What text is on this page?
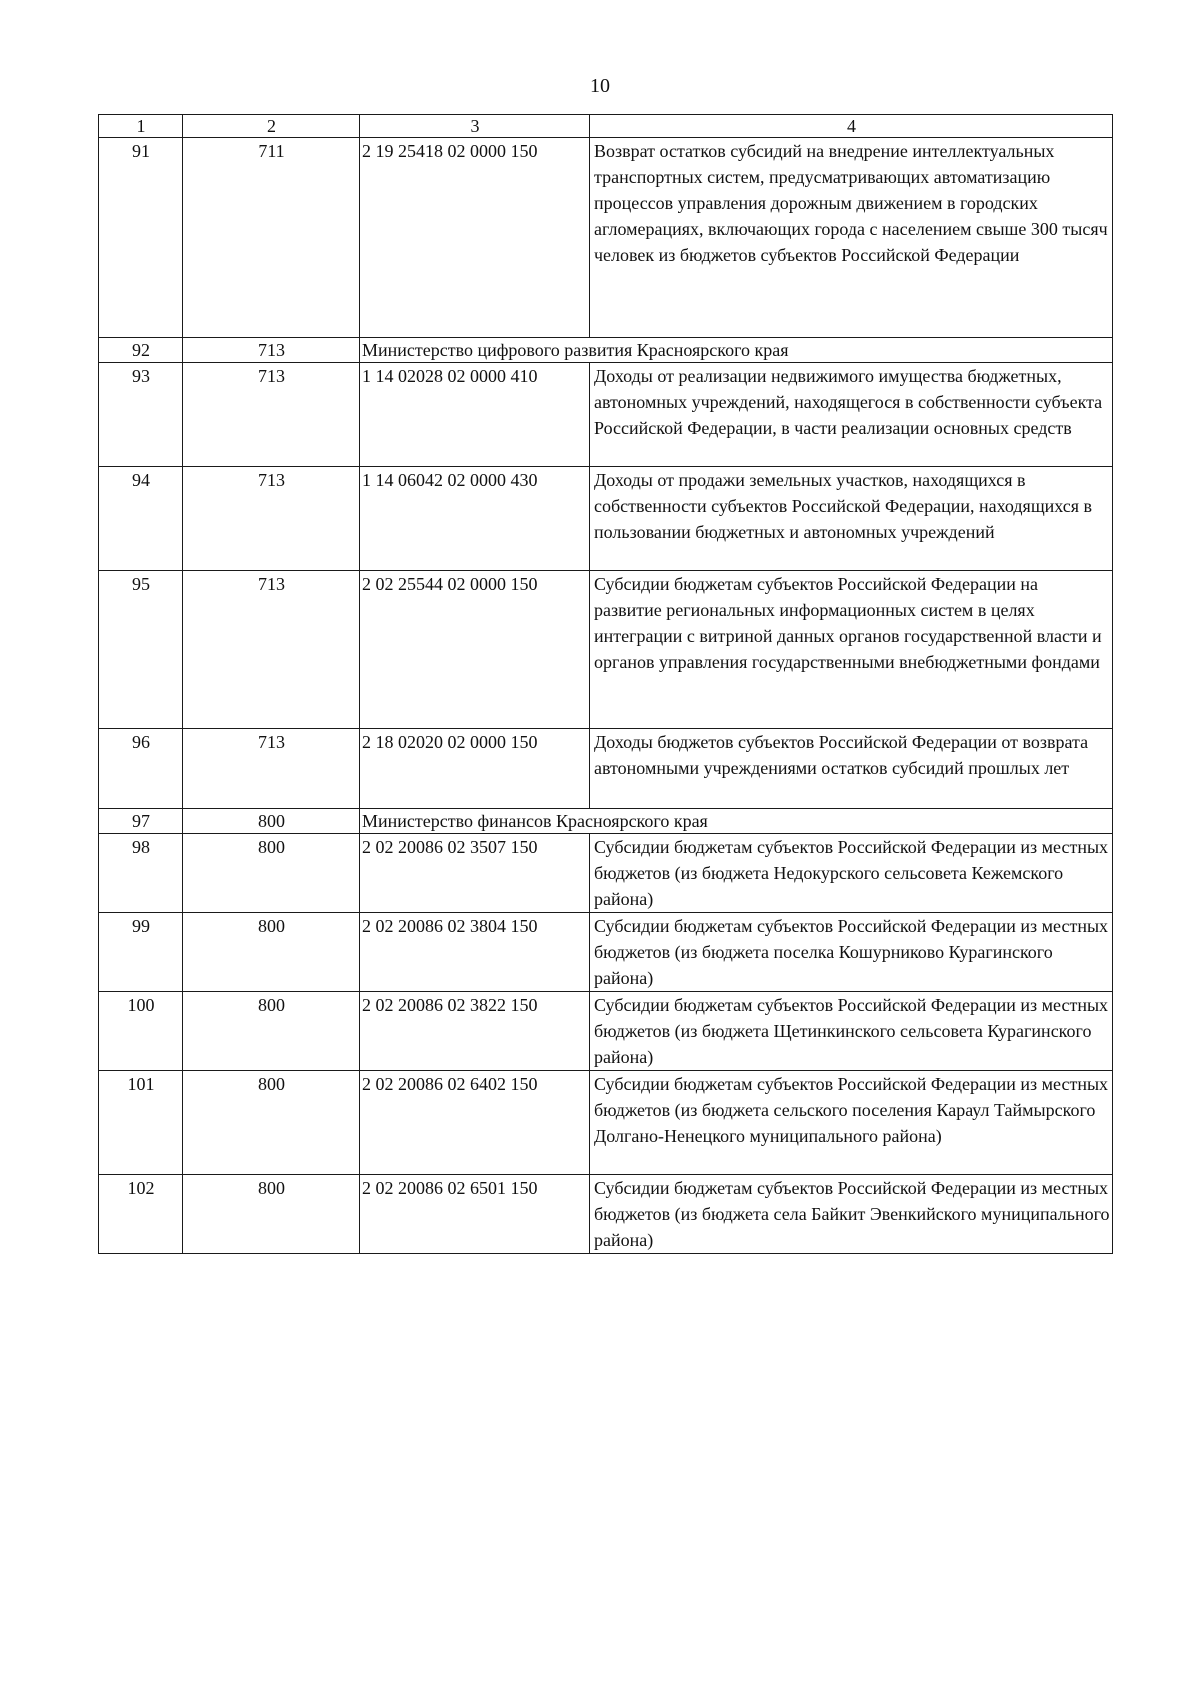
10
1	2	3	4
91	711	2 19 25418 02 0000 150	Возврат остатков субсидий на внедрение интеллектуальных транспортных систем, предусматривающих автоматизацию процессов управления дорожным движением в городских агломерациях, включающих города с населением свыше 300 тысяч человек из бюджетов субъектов Российской Федерации
92	713	Министерство цифрового развития Красноярского края	
93	713	1 14 02028 02 0000 410	Доходы от реализации недвижимого имущества бюджетных, автономных учреждений, находящегося в собственности субъекта Российской Федерации, в части реализации основных средств
94	713	1 14 06042 02 0000 430	Доходы от продажи земельных участков, находящихся в собственности субъектов Российской Федерации, находящихся в пользовании бюджетных и автономных учреждений
95	713	2 02 25544 02 0000 150	Субсидии бюджетам субъектов Российской Федерации на развитие региональных информационных систем в целях интеграции с витриной данных органов государственной власти и органов управления государственными внебюджетными фондами
96	713	2 18 02020 02 0000 150	Доходы бюджетов субъектов Российской Федерации от возврата автономными учреждениями остатков субсидий прошлых лет
97	800	Министерство финансов Красноярского края	
98	800	2 02 20086 02 3507 150	Субсидии бюджетам субъектов Российской Федерации из местных бюджетов (из бюджета Недокурского сельсовета Кежемского района)
99	800	2 02 20086 02 3804 150	Субсидии бюджетам субъектов Российской Федерации из местных бюджетов (из бюджета поселка Кошурниково Курагинского района)
100	800	2 02 20086 02 3822 150	Субсидии бюджетам субъектов Российской Федерации из местных бюджетов (из бюджета Щетинкинского сельсовета Курагинского района)
101	800	2 02 20086 02 6402 150	Субсидии бюджетам субъектов Российской Федерации из местных бюджетов (из бюджета сельского поселения Караул Таймырского Долгано-Ненецкого муниципального района)
102	800	2 02 20086 02 6501 150	Субсидии бюджетам субъектов Российской Федерации из местных бюджетов (из бюджета села Байкит Эвенкийского муниципального района)
